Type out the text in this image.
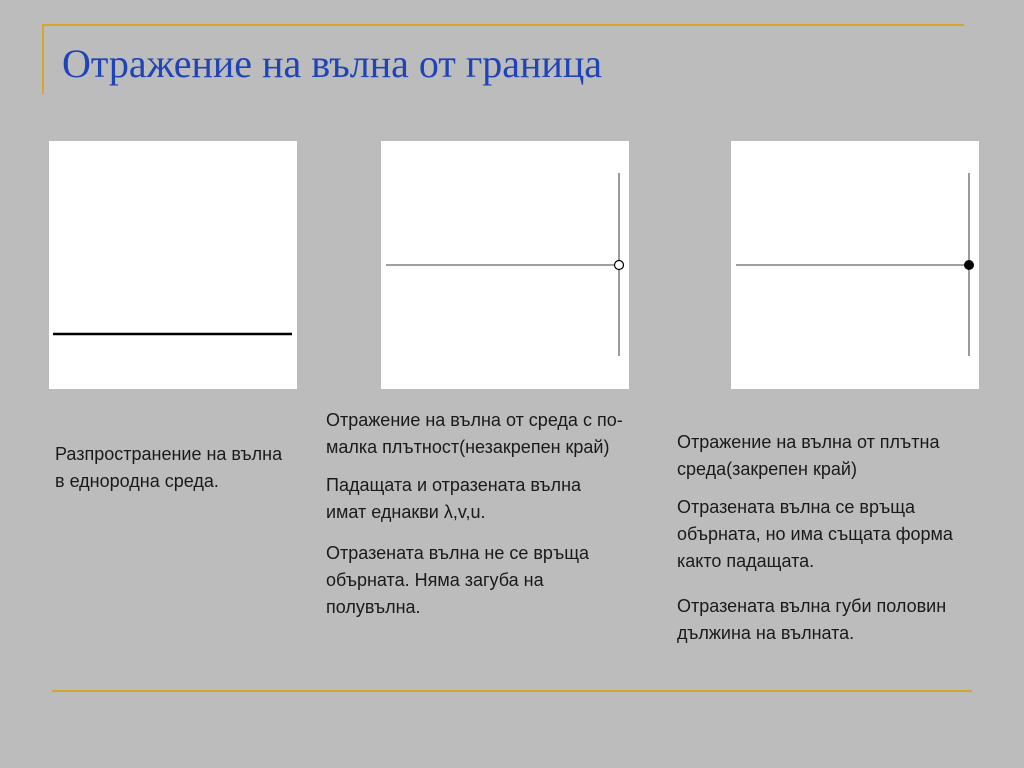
Отражение на вълна от граница

Разпространение на вълна в еднородна среда.

Отражение на вълна от среда с по-малка плътност(незакрепен край)

Падащата и отразената вълна имат еднакви λ,v,u.

Отразената вълна не се връща обърната. Няма загуба на полувълна.

Отражение на вълна от плътна среда(закрепен край)

Отразената вълна се връща обърната, но има същата форма както падащата.

Отразената вълна губи половин дължина на вълната.
